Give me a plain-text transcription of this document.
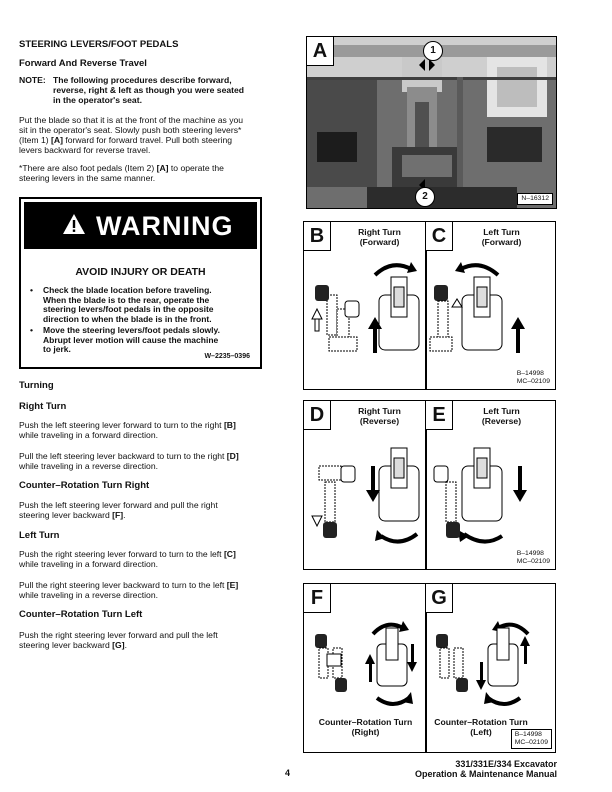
STEERING LEVERS/FOOT PEDALS
Forward And Reverse Travel
NOTE: The following procedures describe forward,
reverse, right & left as though you were seated
in the operator's seat.
Put the blade so that it is at the front of the machine as you
sit in the operator's seat. Slowly push both steering levers*
(Item 1) [A] forward for forward travel. Pull both steering
levers backward for reverse travel.
*There are also foot pedals (Item 2) [A] to operate the
steering levers in the same manner.
WARNING
AVOID INJURY OR DEATH
• Check the blade location before traveling.
When the blade is to the rear, operate the
steering levers/foot pedals in the opposite
direction to when the blade is in the front.
• Move the steering levers/foot pedals slowly.
Abrupt lever motion will cause the machine
to jerk.
W–2235–0396
Turning
Right Turn
Push the left steering lever forward to turn to the right [B]
while traveling in a forward direction.
Pull the left steering lever backward to turn to the right [D]
while traveling in a reverse direction.
Counter–Rotation Turn Right
Push the left steering lever forward and pull the right
steering lever backward [F].
Left Turn
Push the right steering lever forward to turn to the left [C]
while traveling in a forward direction.
Pull the right steering lever backward to turn to the left [E]
while traveling in a reverse direction.
Counter–Rotation Turn Left
Push the right steering lever forward and pull the left
steering lever backward [G].
A	1
2	N–16312
B	C
Right Turn
(Forward)
Left Turn
(Forward)
B–14998
MC–02109
D	E
Right Turn
(Reverse)
Left Turn
(Reverse)
B–14998
MC–02109
F	G
Counter–Rotation Turn
(Right)
Counter–Rotation Turn
(Left)	B–14998
MC–02109
4
331/331E/334 Excavator
Operation & Maintenance Manual
